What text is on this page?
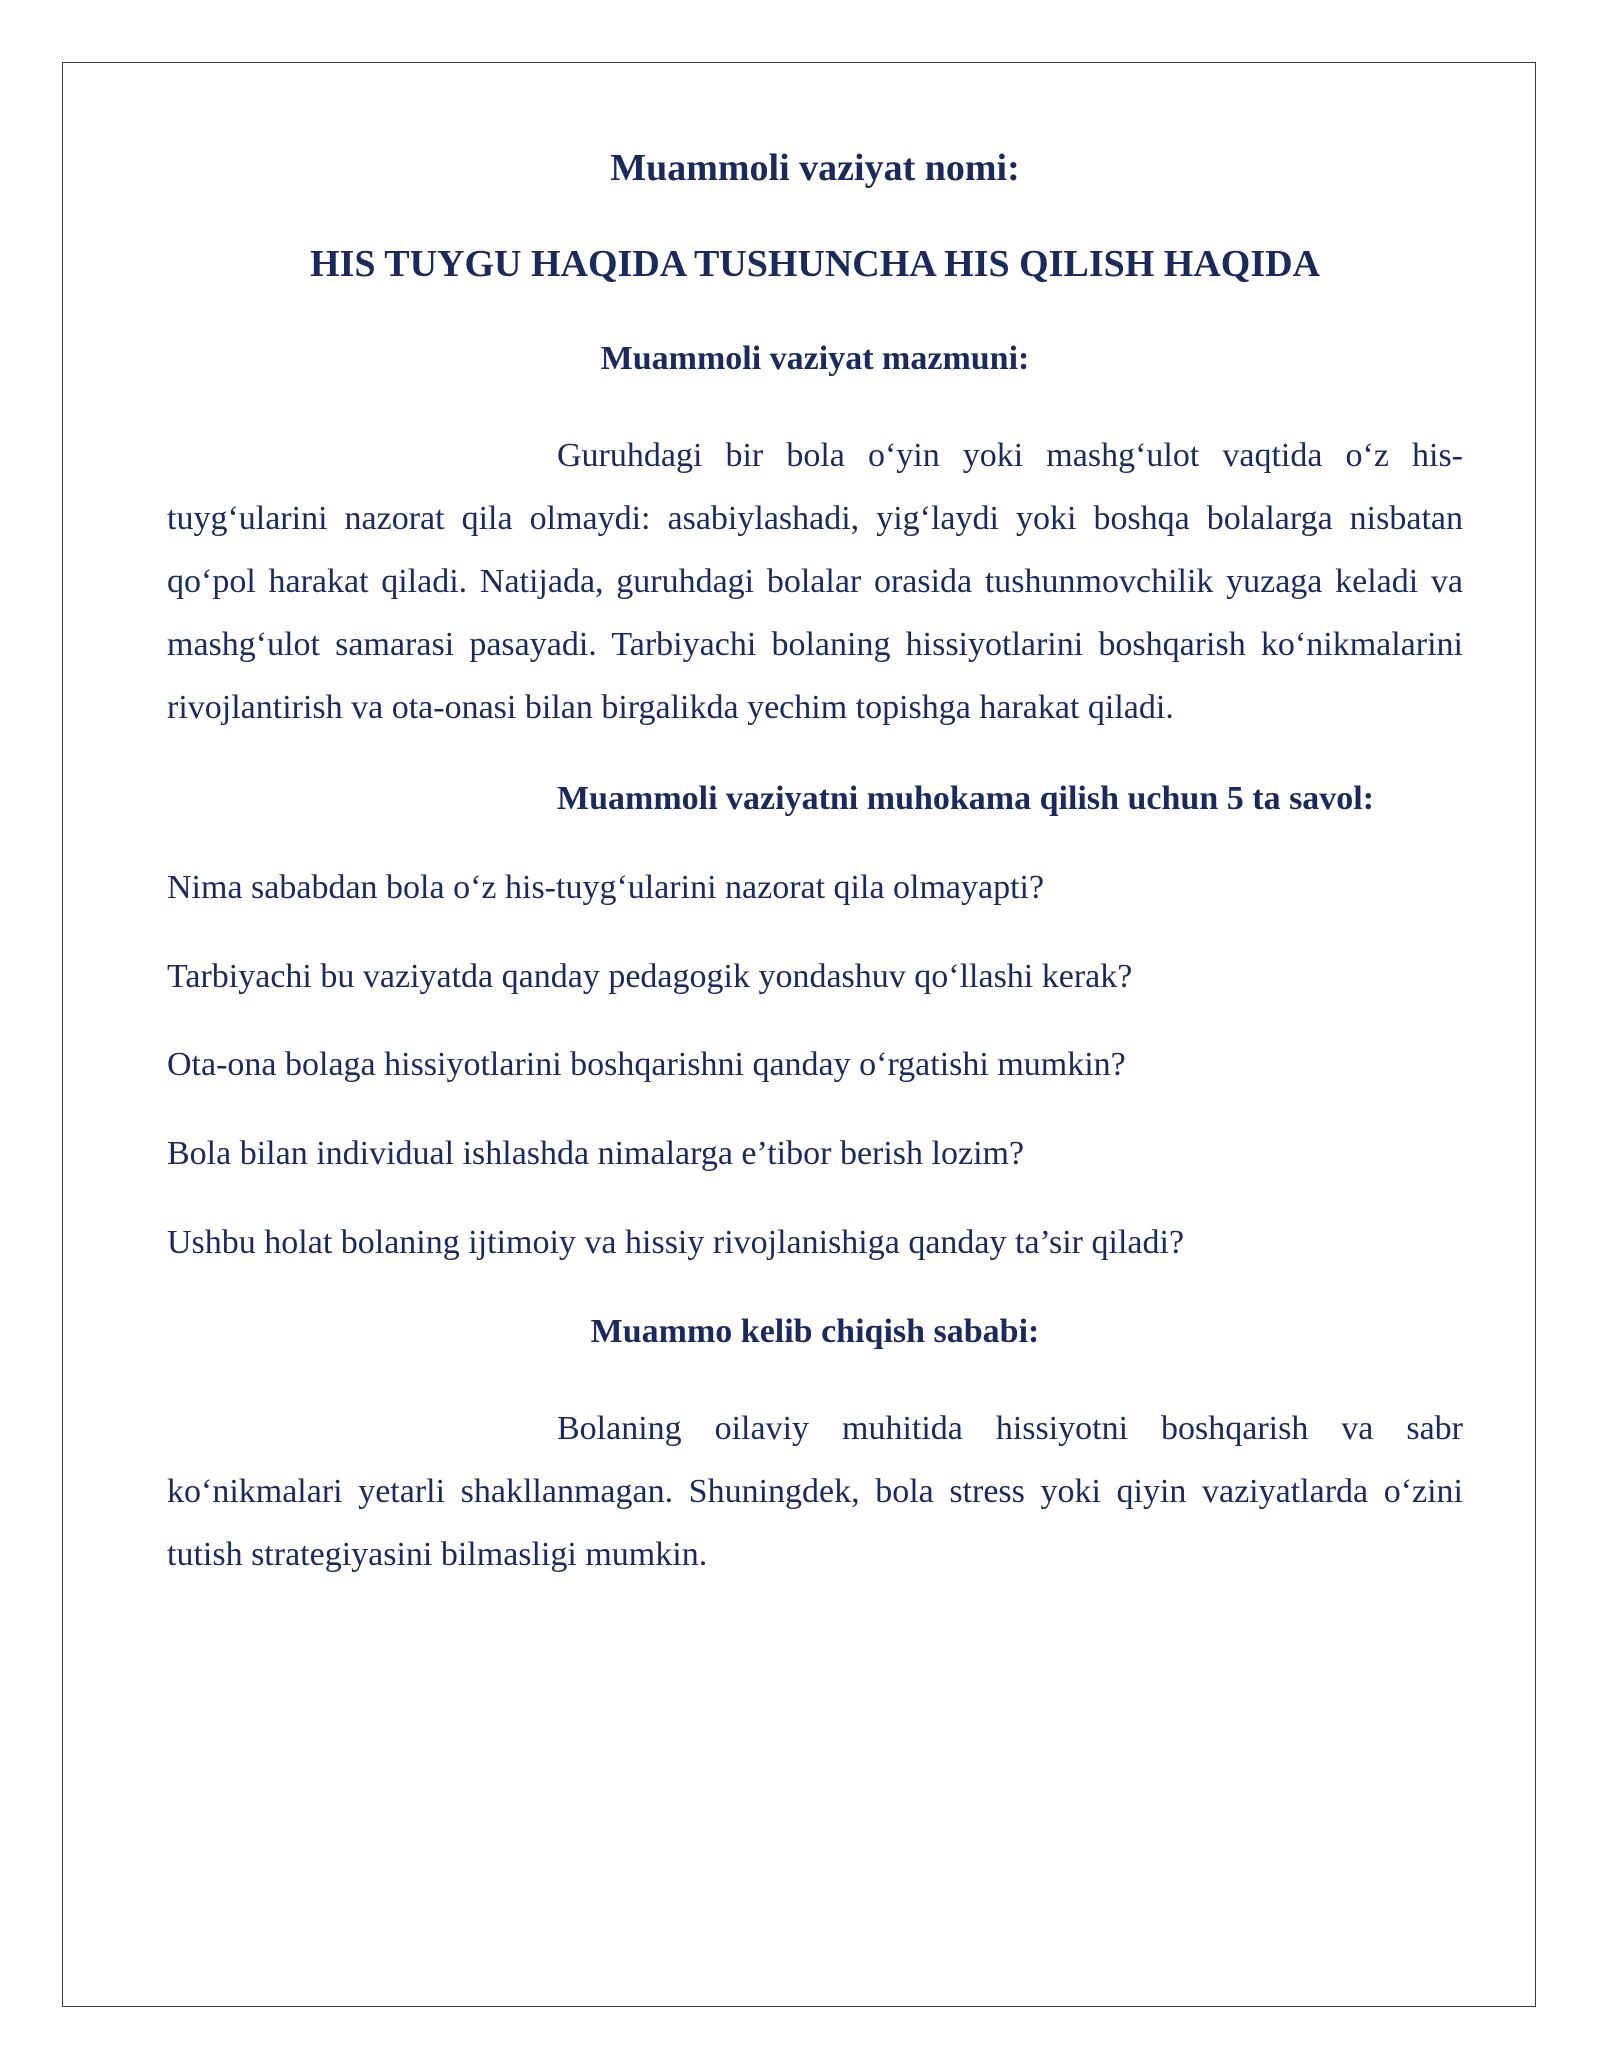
Muammoli vaziyat nomi:
HIS TUYGU HAQIDA TUSHUNCHA HIS QILISH HAQIDA
Muammoli vaziyat mazmuni:

Guruhdagi bir bola o‘yin yoki mashg‘ulot vaqtida o‘z his-tuyg‘ularini nazorat qila olmaydi: asabiylashadi, yig‘laydi yoki boshqa bolalarga nisbatan qo‘pol harakat qiladi. Natijada, guruhdagi bolalar orasida tushunmovchilik yuzaga keladi va mashg‘ulot samarasi pasayadi. Tarbiyachi bolaning hissiyotlarini boshqarish ko‘nikmalarini rivojlantirish va ota-onasi bilan birgalikda yechim topishga harakat qiladi.

Muammoli vaziyatni muhokama qilish uchun 5 ta savol:

Nima sababdan bola o‘z his-tuyg‘ularini nazorat qila olmayapti?

Tarbiyachi bu vaziyatda qanday pedagogik yondashuv qo‘llashi kerak?

Ota-ona bolaga hissiyotlarini boshqarishni qanday o‘rgatishi mumkin?

Bola bilan individual ishlashda nimalarga e’tibor berish lozim?

Ushbu holat bolaning ijtimoiy va hissiy rivojlanishiga qanday ta’sir qiladi?

Muammo kelib chiqish sababi:

Bolaning oilaviy muhitida hissiyotni boshqarish va sabr ko‘nikmalari yetarli shakllanmagan. Shuningdek, bola stress yoki qiyin vaziyatlarda o‘zini tutish strategiyasini bilmasligi mumkin.
